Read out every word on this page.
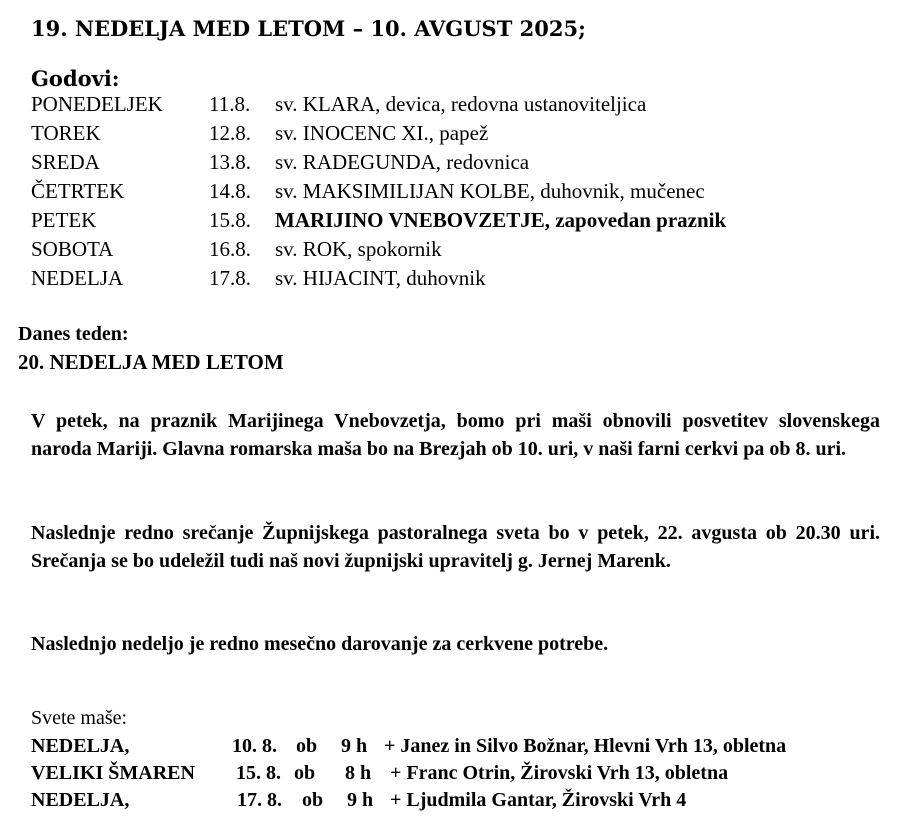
19. NEDELJA MED LETOM – 10. AVGUST 2025;
Godovi:
PONEDELJEK 11.8. sv. KLARA, devica, redovna ustanoviteljica
TOREK	12.8. sv. INOCENC XI., papež
SREDA	13.8. sv. RADEGUNDA, redovnica
ČETRTEK	14.8. sv. MAKSIMILIJAN KOLBE, duhovnik, mučenec
PETEK	15.8. MARIJINO VNEBOVZETJE, zapovedan praznik
SOBOTA	16.8. sv. ROK, spokornik
NEDELJA	17.8. sv. HIJACINT, duhovnik
Danes teden:
20. NEDELJA MED LETOM
V petek, na praznik Marijinega Vnebovzetja, bomo pri maši obnovili posvetitev slovenskega naroda Mariji. Glavna romarska maša bo na Brezjah ob 10. uri, v naši farni cerkvi pa ob 8. uri.
Naslednje redno srečanje Župnijskega pastoralnega sveta bo v petek, 22. avgusta ob 20.30 uri. Srečanja se bo udeležil tudi naš novi župnijski upravitelj g. Jernej Marenk.
Naslednjo nedeljo je redno mesečno darovanje za cerkvene potrebe.
Svete maše:
NEDELJA,	10. 8. ob 9 h + Janez in Silvo Božnar, Hlevni Vrh 13, obletna
VELIKI ŠMAREN 15. 8. ob 8 h + Franc Otrin, Žirovski Vrh 13, obletna
NEDELJA,	17. 8. ob 9 h + Ljudmila Gantar, Žirovski Vrh 4
